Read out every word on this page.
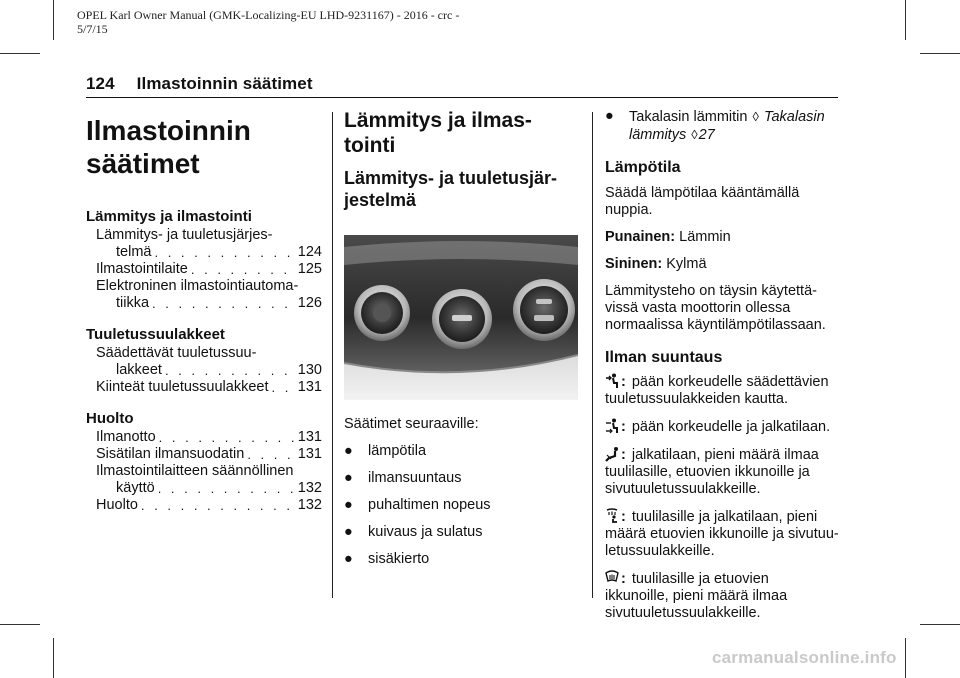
OPEL Karl Owner Manual (GMK-Localizing-EU LHD-9231167) - 2016 - crc -
5/7/15
124 Ilmastoinnin säätimet
Ilmastoinnin
säätimet
Lämmitys ja ilmastointi
Lämmitys- ja tuuletusjärjes-
telmä . . .	124
Ilmastointilaite . . .	125
Elektroninen ilmastointiautoma-
tiikka . . .	126
Tuuletussuulakkeet
Säädettävät tuuletussuu-
lakkeet . . .	130
Kiinteät tuuletussuulakkeet . . . 131
Huolto
Ilmanotto . . .	131
Sisätilan ilmansuodatin . . .	131
Ilmastointilaitteen säännöllinen
käyttö . . .	132
Huolto . . .	132
Lämmitys ja ilmas-
tointi
Lämmitys- ja tuuletusjär-
jestelmä

Säätimet seuraaville:

● lämpötila
● ilmansuuntaus
● puhaltimen nopeus
● kuivaus ja sulatus
● sisäkierto
● Takalasin lämmitin ◊ Takalasin
lämmitys ◊27
Lämpötila

Säädä lämpötilaa kääntämällä
nuppia.

Punainen: Lämmin

Sininen: Kylmä

Lämmitysteho on täysin käytettä-
vissä vasta moottorin ollessa
normaalissa käyntilämpötilassaan.

Ilman suuntaus

: pään korkeudelle säädettävien
tuuletussuulakkeiden kautta.

: pään korkeudelle ja jalkatilaan.

: jalkatilaan, pieni määrä ilmaa
tuulilasille, etuovien ikkunoille ja
sivutuuletussuulakkeille.

: tuulilasille ja jalkatilaan, pieni
määrä etuovien ikkunoille ja sivutuu-
letussuulakkeille.

: tuulilasille ja etuovien
ikkunoille, pieni määrä ilmaa
sivutuuletussuulakkeille.

carmanualsonline.info
